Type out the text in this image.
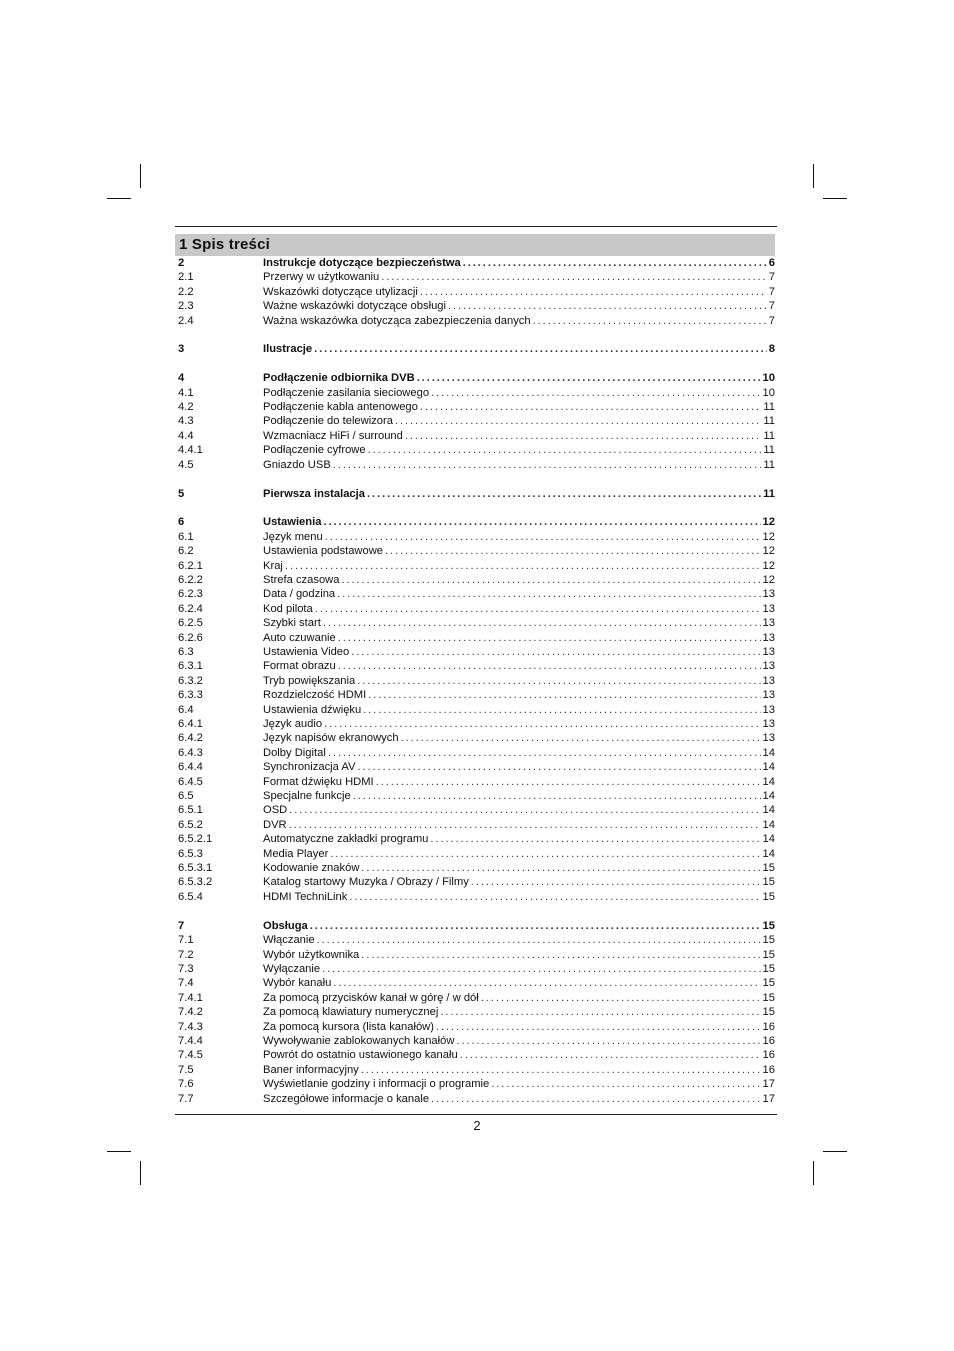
1 Spis treści
2	Instrukcje dotyczące bezpieczeństwa . . .	6
2.1	Przerwy w użytkowaniu . . .	7
2.2	Wskazówki dotyczące utylizacji . . .	7
2.3	Ważne wskazówki dotyczące obsługi . . .	7
2.4	Ważna wskazówka dotycząca zabezpieczenia danych . . .	7
3	Ilustracje . . .	8
4	Podłączenie odbiornika DVB . . .	10
4.1	Podłączenie zasilania sieciowego . . .	10
4.2	Podłączenie kabla antenowego . . .	11
4.3	Podłączenie do telewizora . . .	11
4.4	Wzmacniacz HiFi / surround . . .	11
4.4.1	Podłączenie cyfrowe . . .	11
4.5	Gniazdo USB . . .	11
5	Pierwsza instalacja . . .	11
6	Ustawienia . . .	12
6.1	Język menu . . .	12
6.2	Ustawienia podstawowe . . .	12
6.2.1	Kraj . . .	12
6.2.2	Strefa czasowa . . .	12
6.2.3	Data / godzina . . .	13
6.2.4	Kod pilota . . .	13
6.2.5	Szybki start . . .	13
6.2.6	Auto czuwanie . . .	13
6.3	Ustawienia Video . . .	13
6.3.1	Format obrazu . . .	13
6.3.2	Tryb powiększania . . .	13
6.3.3	Rozdzielczość HDMI . . .	13
6.4	Ustawienia dźwięku . . .	13
6.4.1	Język audio . . .	13
6.4.2	Język napisów ekranowych . . .	13
6.4.3	Dolby Digital . . .	14
6.4.4	Synchronizacja AV . . .	14
6.4.5	Format dźwięku HDMI . . .	14
6.5	Specjalne funkcje . . .	14
6.5.1	OSD . . .	14
6.5.2	DVR . . .	14
6.5.2.1	Automatyczne zakładki programu . . .	14
6.5.3	Media Player . . .	14
6.5.3.1	Kodowanie znaków . . .	15
6.5.3.2	Katalog startowy Muzyka / Obrazy / Filmy . . .	15
6.5.4	HDMI TechniLink . . .	15
7	Obsługa . . .	15
7.1	Włączanie . . .	15
7.2	Wybór użytkownika . . .	15
7.3	Wyłączanie . . .	15
7.4	Wybór kanału . . .	15
7.4.1	Za pomocą przycisków kanał w górę / w dół . . .	15
7.4.2	Za pomocą klawiatury numerycznej . . .	15
7.4.3	Za pomocą kursora (lista kanałów) . . .	16
7.4.4	Wywoływanie zablokowanych kanałów . . .	16
7.4.5	Powrót do ostatnio ustawionego kanału . . .	16
7.5	Baner informacyjny . . .	16
7.6	Wyświetlanie godziny i informacji o programie . . .	17
7.7	Szczegółowe informacje o kanale . . .	17
2
